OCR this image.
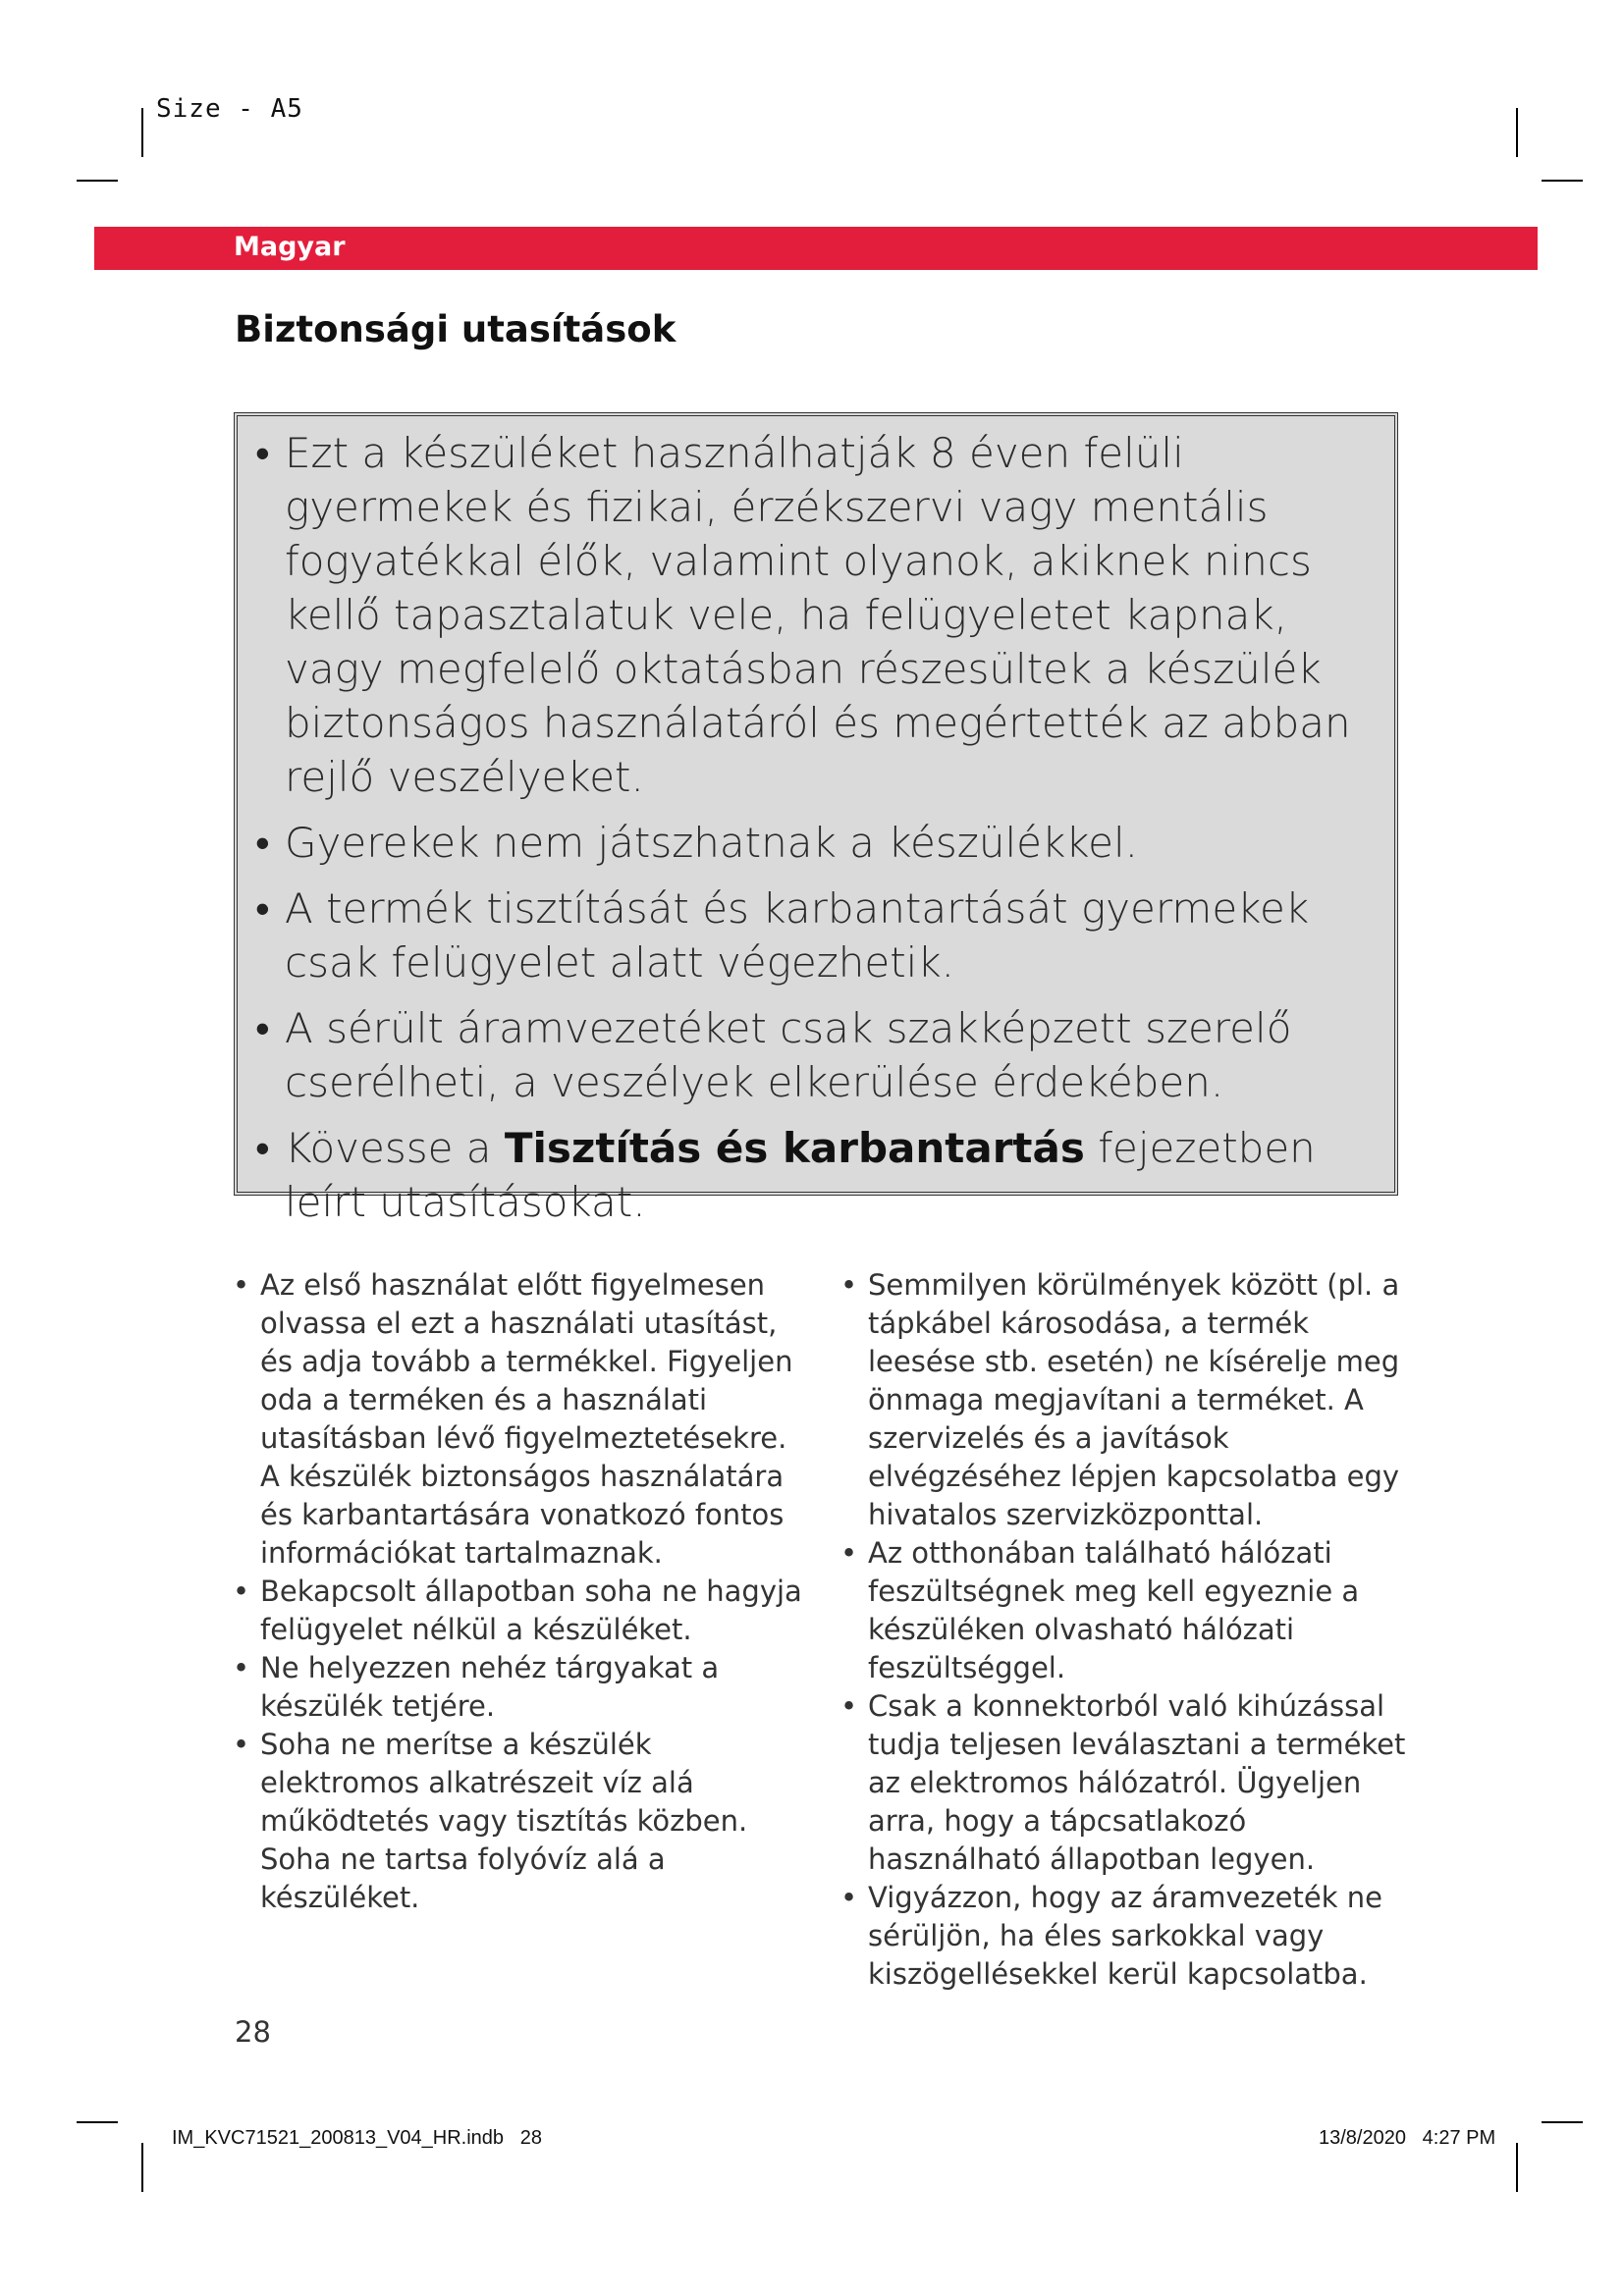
Size - A5
Magyar
Biztonsági utasítások
• Ezt a készüléket használhatják 8 éven felüli gyermekek és fizikai, érzékszervi vagy mentális fogyatékkal élők, valamint olyanok, akiknek nincs kellő tapasztalatuk vele, ha felügyeletet kapnak, vagy megfelelő oktatásban részesültek a készülék biztonságos használatáról és megértették az abban rejlő veszélyeket.
• Gyerekek nem játszhatnak a készülékkel.
• A termék tisztítását és karbantartását gyermekek csak felügyelet alatt végezhetik.
• A sérült áramvezetéket csak szakképzett szerelő cserélheti, a veszélyek elkerülése érdekében.
• Kövesse a Tisztítás és karbantartás fejezetben leírt utasításokat.
• Az első használat előtt figyelmesen olvassa el ezt a használati utasítást, és adja tovább a termékkel. Figyeljen oda a terméken és a használati utasításban lévő figyelmeztetésekre. A készülék biztonságos használatára és karbantartására vonatkozó fontos információkat tartalmaznak.
• Bekapcsolt állapotban soha ne hagyja felügyelet nélkül a készüléket.
• Ne helyezzen nehéz tárgyakat a készülék tetjére.
• Soha ne merítse a készülék elektromos alkatrészeit víz alá működtetés vagy tisztítás közben. Soha ne tartsa folyóvíz alá a készüléket.
• Semmilyen körülmények között (pl. a tápkábel károsodása, a termék leesése stb. esetén) ne kísérelje meg önmaga megjavítani a terméket. A szervizelés és a javítások elvégzéséhez lépjen kapcsolatba egy hivatalos szervizközponttal.
• Az otthonában található hálózati feszültségnek meg kell egyeznie a készüléken olvasható hálózati feszültséggel.
• Csak a konnektorból való kihúzással tudja teljesen leválasztani a terméket az elektromos hálózatról. Ügyeljen arra, hogy a tápcsatlakozó használható állapotban legyen.
• Vigyázzon, hogy az áramvezeték ne sérüljön, ha éles sarkokkal vagy kiszögellésekkel kerül kapcsolatba.
28
IM_KVC71521_200813_V04_HR.indb   28	13/8/2020   4:27 PM
